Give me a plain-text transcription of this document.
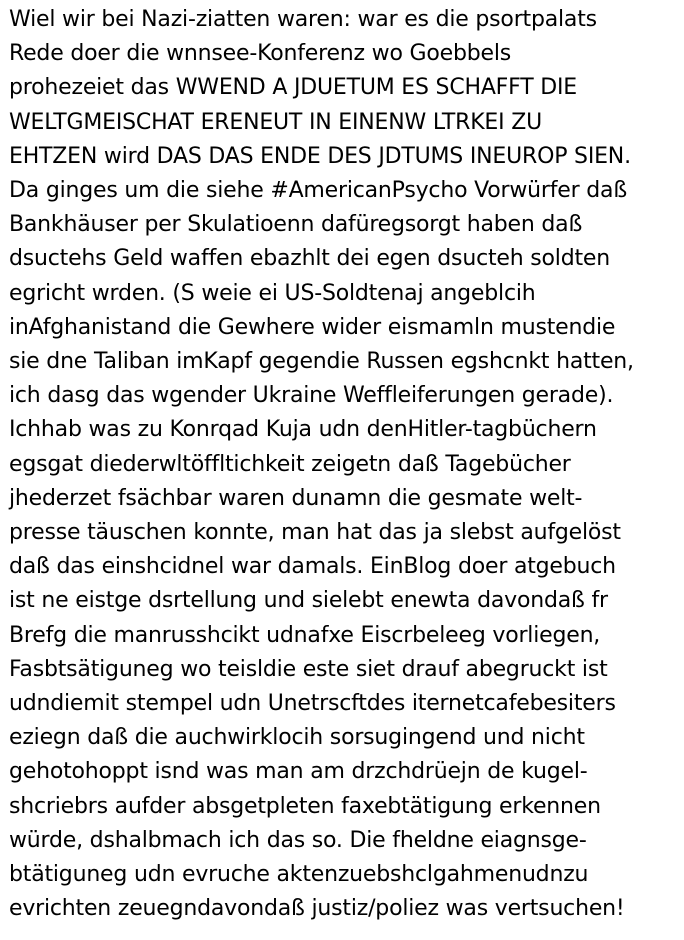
Wiel wir bei Nazi-ziatten waren: war es die psortpalats
Rede doer die wnnsee-Konferenz wo Goebbels
prohezeiet das WWEND A JDUETUM ES SCHAFFT DIE
WELTGMEISCHAT ERENEUT IN EINENW LTRKEI ZU
EHTZEN wird DAS DAS ENDE DES JDTUMS INEUROP SIEN.
Da ginges um die siehe #AmericanPsycho Vorwürfer daß
Bankhäuser per Skulatioenn dafüregsorgt haben daß
dsuctehs Geld waffen ebazhlt dei egen dsucteh soldten
egricht wrden. (S weie ei US-Soldtenaj angeblcih
inAfghanistand die Gewhere wider eismamln mustendie
sie dne Taliban imKapf gegendie Russen egshcnkt hatten,
ich dasg das wgender Ukraine Weffleiferungen gerade).
Ichhab was zu Konrqad Kuja udn denHitler-tagbüchern
egsgat diederwltöffltichkeit zeigetn daß Tagebücher
jhederzet fsächbar waren dunamn die gesmate welt-
presse täuschen konnte, man hat das ja slebst aufgelöst
daß das einshcidnel war damals. EinBlog doer atgebuch
ist ne eistge dsrtellung und sielebt enewta davondaß fr
Brefg die manrusshcikt udnafxe Eiscrbeleeg vorliegen,
Fasbtsätiguneg wo teisldie este siet drauf abegruckt ist
udndiemit stempel udn Unetrscftdes iternetcafebesiters
eziegn daß die auchwirklocih sorsugingend und nicht
gehotohoppt isnd was man am drzchdrüejn de kugel-
shcriebrs aufder absgetpleten faxebtätigung erkennen
würde, dshalbmach ich das so. Die fheldne eiagnsge-
btätiguneg udn evruche aktenzuebshclgahmenudnzu
evrichten zeuegndavondaß justiz/poliez was vertsuchen!
